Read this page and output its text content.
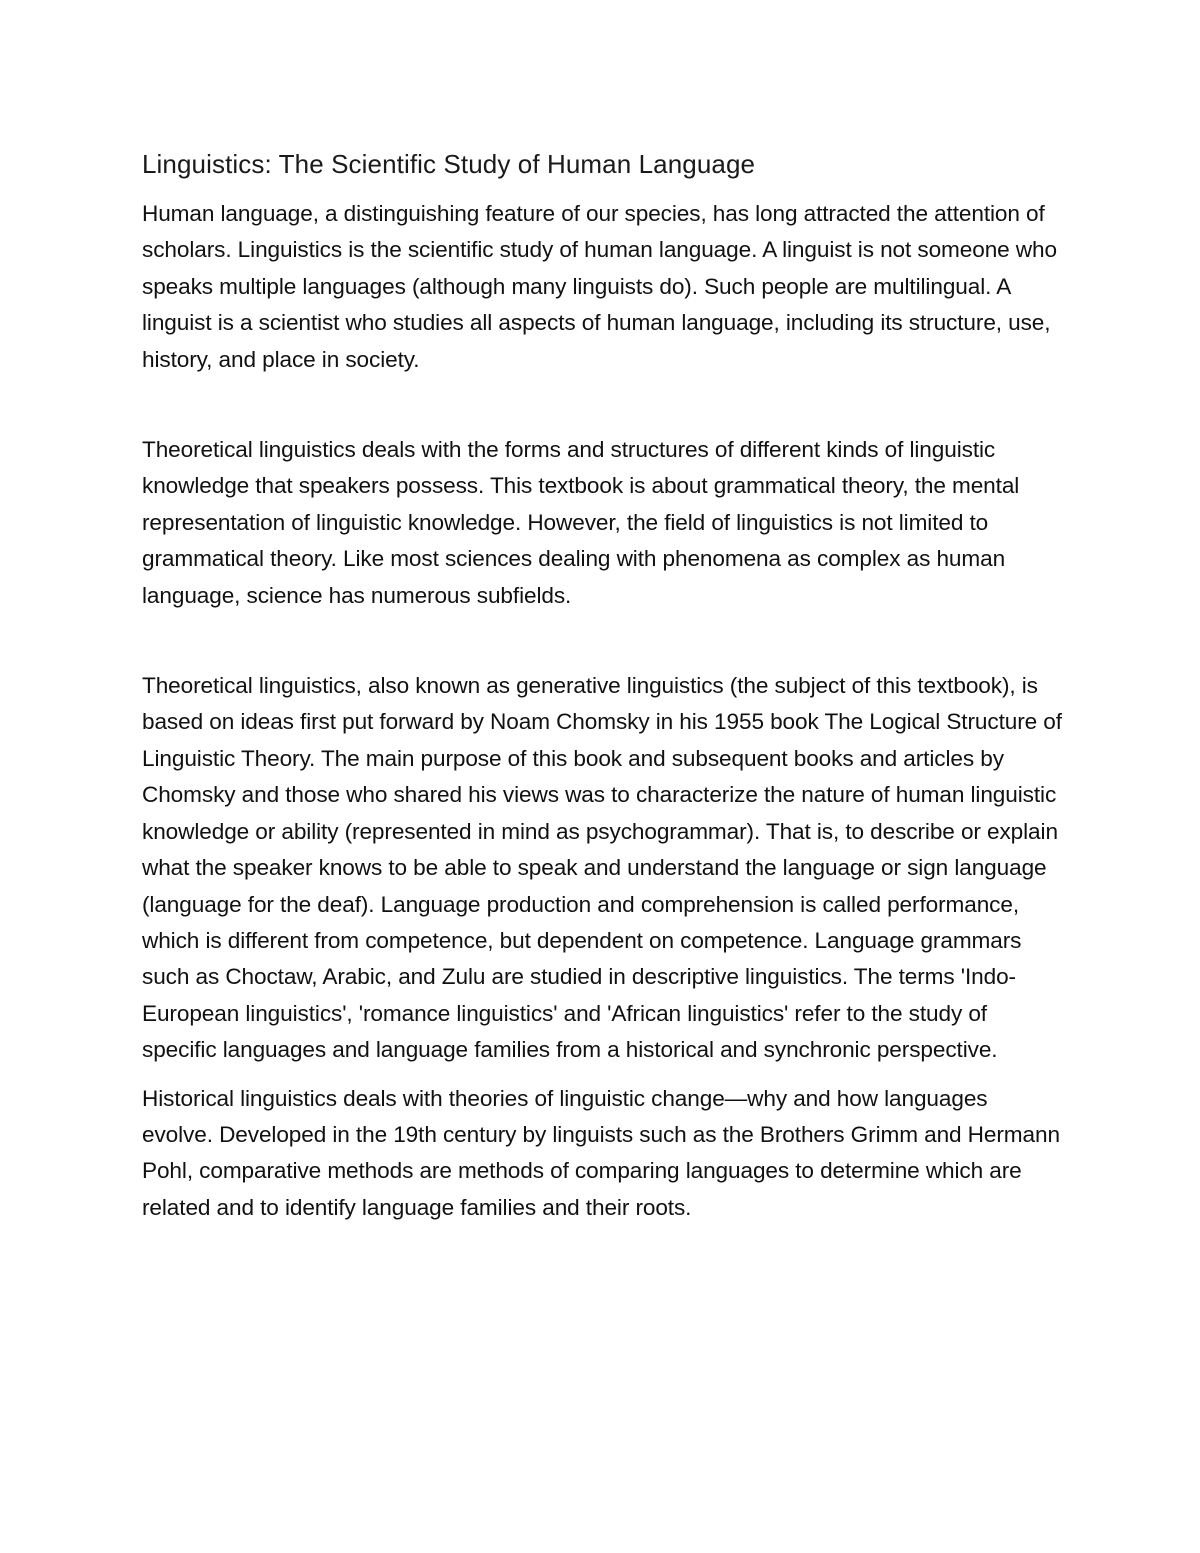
Linguistics: The Scientific Study of Human Language

Human language, a distinguishing feature of our species, has long attracted the attention of scholars. Linguistics is the scientific study of human language. A linguist is not someone who speaks multiple languages (although many linguists do). Such people are multilingual. A linguist is a scientist who studies all aspects of human language, including its structure, use, history, and place in society.

Theoretical linguistics deals with the forms and structures of different kinds of linguistic knowledge that speakers possess. This textbook is about grammatical theory, the mental representation of linguistic knowledge. However, the field of linguistics is not limited to grammatical theory. Like most sciences dealing with phenomena as complex as human language, science has numerous subfields.

Theoretical linguistics, also known as generative linguistics (the subject of this textbook), is based on ideas first put forward by Noam Chomsky in his 1955 book The Logical Structure of Linguistic Theory. The main purpose of this book and subsequent books and articles by Chomsky and those who shared his views was to characterize the nature of human linguistic knowledge or ability (represented in mind as psychogrammar). That is, to describe or explain what the speaker knows to be able to speak and understand the language or sign language (language for the deaf). Language production and comprehension is called performance, which is different from competence, but dependent on competence. Language grammars such as Choctaw, Arabic, and Zulu are studied in descriptive linguistics. The terms 'Indo-European linguistics', 'romance linguistics' and 'African linguistics' refer to the study of specific languages and language families from a historical and synchronic perspective.

Historical linguistics deals with theories of linguistic change—why and how languages evolve. Developed in the 19th century by linguists such as the Brothers Grimm and Hermann Pohl, comparative methods are methods of comparing languages to determine which are related and to identify language families and their roots.
